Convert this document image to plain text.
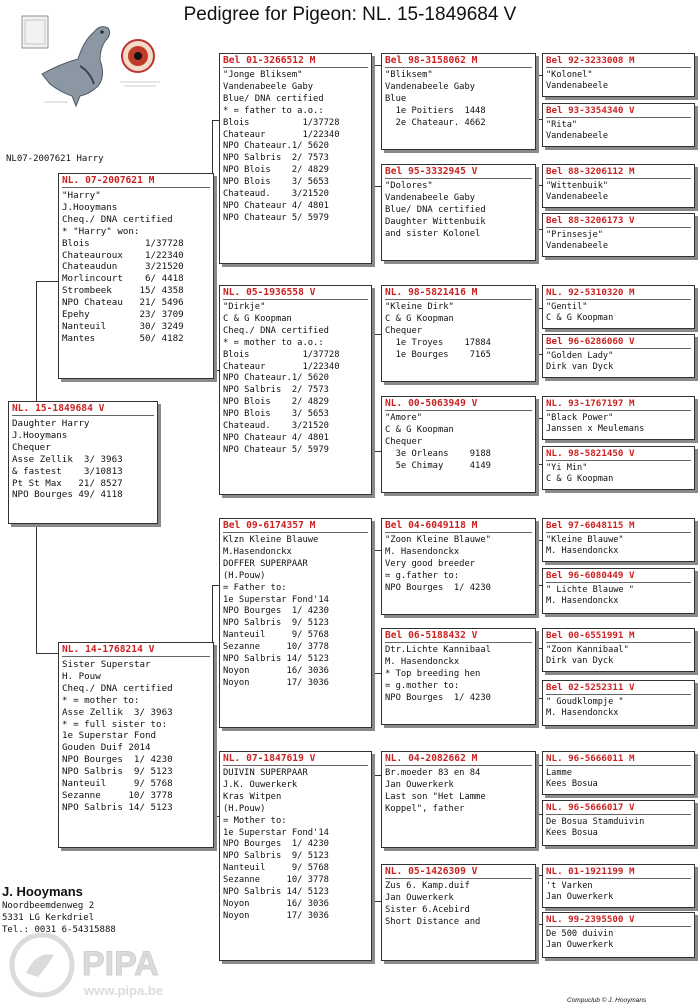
Pedigree for Pigeon: NL. 15-1849684 V
NL07-2007621 Harry
NL. 15-1849684 V
Daughter Harry
J.Hooymans
Chequer
Asse Zellik  3/ 3963
& fastest    3/10813
Pt St Max   21/ 8527
NPO Bourges 49/ 4118
NL. 07-2007621 M
"Harry"
J.Hooymans
Cheq./ DNA certified
* "Harry" won:
Blois          1/37728
Chateauroux    1/22340
Chateaudun     3/21520
Morlincourt    6/ 4418
Strombeek     15/ 4358
NPO Chateau   21/ 5496
Epehy         23/ 3709
Nanteuil      30/ 3249
Mantes        50/ 4182
NL. 14-1768214 V
Sister Superstar
H. Pouw
Cheq./ DNA certified
* = mother to:
Asse Zellik  3/ 3963
* = full sister to:
1e Superstar Fond
Gouden Duif 2014
NPO Bourges  1/ 4230
NPO Salbris  9/ 5123
Nanteuil     9/ 5768
Sezanne     10/ 3778
NPO Salbris 14/ 5123
Bel 01-3266512 M
"Jonge Bliksem"
Vandenabeele Gaby
Blue/ DNA certified
* = father to a.o.:
Blois          1/37728
Chateaur       1/22340
NPO Chateaur.1/ 5620
NPO Salbris  2/ 7573
NPO Blois    2/ 4829
NPO Blois    3/ 5653
Chateaud.    3/21520
NPO Chateaur 4/ 4801
NPO Chateaur 5/ 5979
NL. 05-1936558 V
"Dirkje"
C & G Koopman
Cheq./ DNA certified
* = mother to a.o.:
Blois          1/37728
Chateaur       1/22340
NPO Chateaur.1/ 5620
NPO Salbris  2/ 7573
NPO Blois    2/ 4829
NPO Blois    3/ 5653
Chateaud.    3/21520
NPO Chateaur 4/ 4801
NPO Chateaur 5/ 5979
Bel 09-6174357 M
Klzn Kleine Blauwe
M.Hasendonckx
DOFFER SUPERPAAR
(H.Pouw)
= Father to:
1e Superstar Fond'14
NPO Bourges  1/ 4230
NPO Salbris  9/ 5123
Nanteuil     9/ 5768
Sezanne     10/ 3778
NPO Salbris 14/ 5123
Noyon       16/ 3036
Noyon       17/ 3036
NL. 07-1847619 V
DUIVIN SUPERPAAR
J.K. Ouwerkerk
Kras Witpen
(H.Pouw)
= Mother to:
1e Superstar Fond'14
NPO Bourges  1/ 4230
NPO Salbris  9/ 5123
Nanteuil     9/ 5768
Sezanne     10/ 3778
NPO Salbris 14/ 5123
Noyon       16/ 3036
Noyon       17/ 3036
Bel 98-3158062 M
"Bliksem"
Vandenabeele Gaby
Blue
1e Poitiers  1448
2e Chateaur. 4662
Bel 95-3332945 V
"Dolores"
Vandenabeele Gaby
Blue/ DNA certified
Daughter Wittenbuik
and sister Kolonel
NL. 98-5821416 M
"Kleine Dirk"
C & G Koopman
Chequer
1e Troyes    17884
1e Bourges    7165
NL. 00-5063949 V
"Amore"
C & G Koopman
Chequer
3e Orleans    9188
5e Chimay     4149
Bel 04-6049118 M
"Zoon Kleine Blauwe"
M. Hasendonckx
Very good breeder
= g.father to:
NPO Bourges  1/ 4230
Bel 06-5188432 V
Dtr.Lichte Kannibaal
M. Hasendonckx
* Top breeding hen
= g.mother to:
NPO Bourges  1/ 4230
NL. 04-2082662 M
Br.moeder 83 en 84
Jan Ouwerkerk
Last son "Het Lamme
Koppel", father
NL. 05-1426309 V
Zus 6. Kamp.duif
Jan Ouwerkerk
Sister 6.Acebird
Short Distance and
Bel 92-3233008 M
"Kolonel"
Vandenabeele
Bel 93-3354340 V
"Rita"
Vandenabeele
Bel 88-3206112 M
"Wittenbuik"
Vandenabeele
Bel 88-3206173 V
"Prinsesje"
Vandenabeele
NL. 92-5310320 M
"Gentil"
C & G Koopman
Bel 96-6286060 V
"Golden Lady"
Dirk van Dyck
NL. 93-1767197 M
"Black Power"
Janssen x Meulemans
NL. 98-5821450 V
"Yi Min"
C & G Koopman
Bel 97-6048115 M
"Kleine Blauwe"
M. Hasendonckx
Bel 96-6080449 V
" Lichte Blauwe "
M. Hasendonckx
Bel 00-6551991 M
"Zoon Kannibaal"
Dirk van Dyck
Bel 02-5252311 V
" Goudklompje "
M. Hasendonckx
NL. 96-5666011 M
Lamme
Kees Bosua
NL. 96-5666017 V
De Bosua Stamduivin
Kees Bosua
NL. 01-1921199 M
't Varken
Jan Ouwerkerk
NL. 99-2395500 V
De 500 duivin
Jan Ouwerkerk
J. Hooymans
Noordbeemdenweg 2
5331 LG Kerkdriel
Tel.: 0031 6-54315888
PIPA
www.pipa.be
Compuclub © J. Hooymans
